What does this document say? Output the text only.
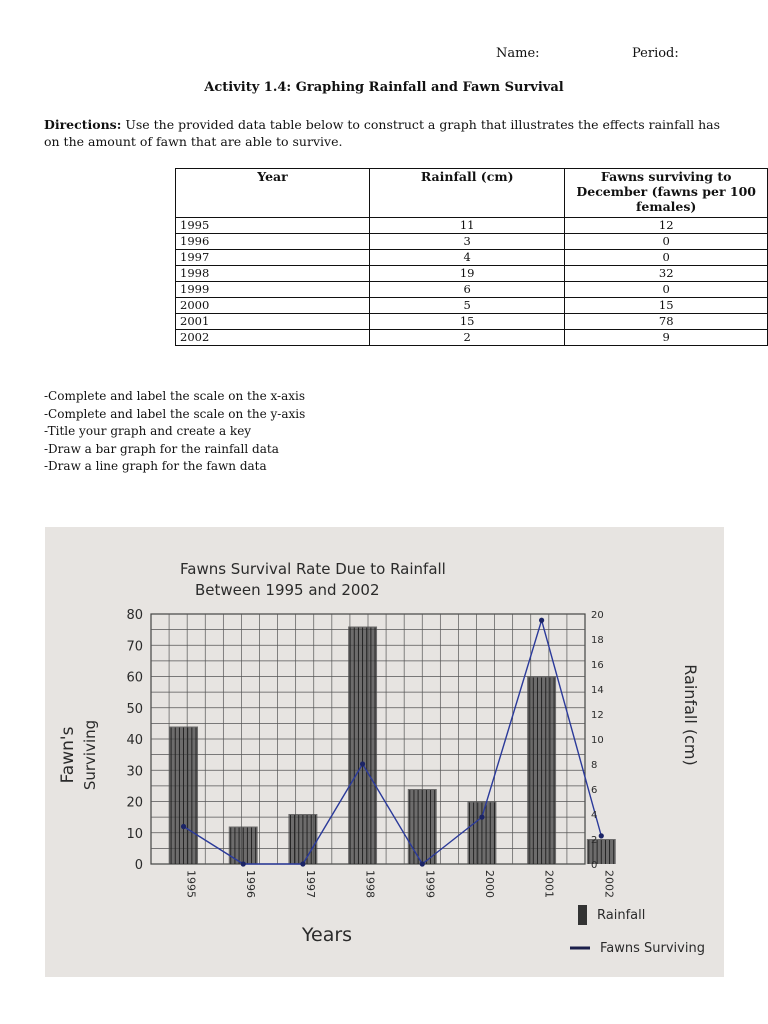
Name:	Period:
Activity 1.4: Graphing Rainfall and Fawn Survival
Directions: Use the provided data table below to construct a graph that illustrates the effects rainfall has on the amount of fawn that are able to survive.
Year	Rainfall (cm)	Fawns surviving to December (fawns per 100 females)
1995	11	12
1996	3	0
1997	4	0
1998	19	32
1999	6	0
2000	5	15
2001	15	78
2002	2	9
-Complete and label the scale on the x-axis
-Complete and label the scale on the y-axis
-Title your graph and create a key
-Draw a bar graph for the rainfall data
-Draw a line graph for the fawn data
0
10
20
30
40
50
60
70
80
0
2
4
6
8
10
12
14
16
18
20
1995	1996	1997	1998	1999	2000	2001	2002
Fawns Survival Rate Due to Rainfall
Between 1995 and 2002
Fawn's Surviving	Rainfall (cm)
Years
Rainfall
Fawns Surviving
